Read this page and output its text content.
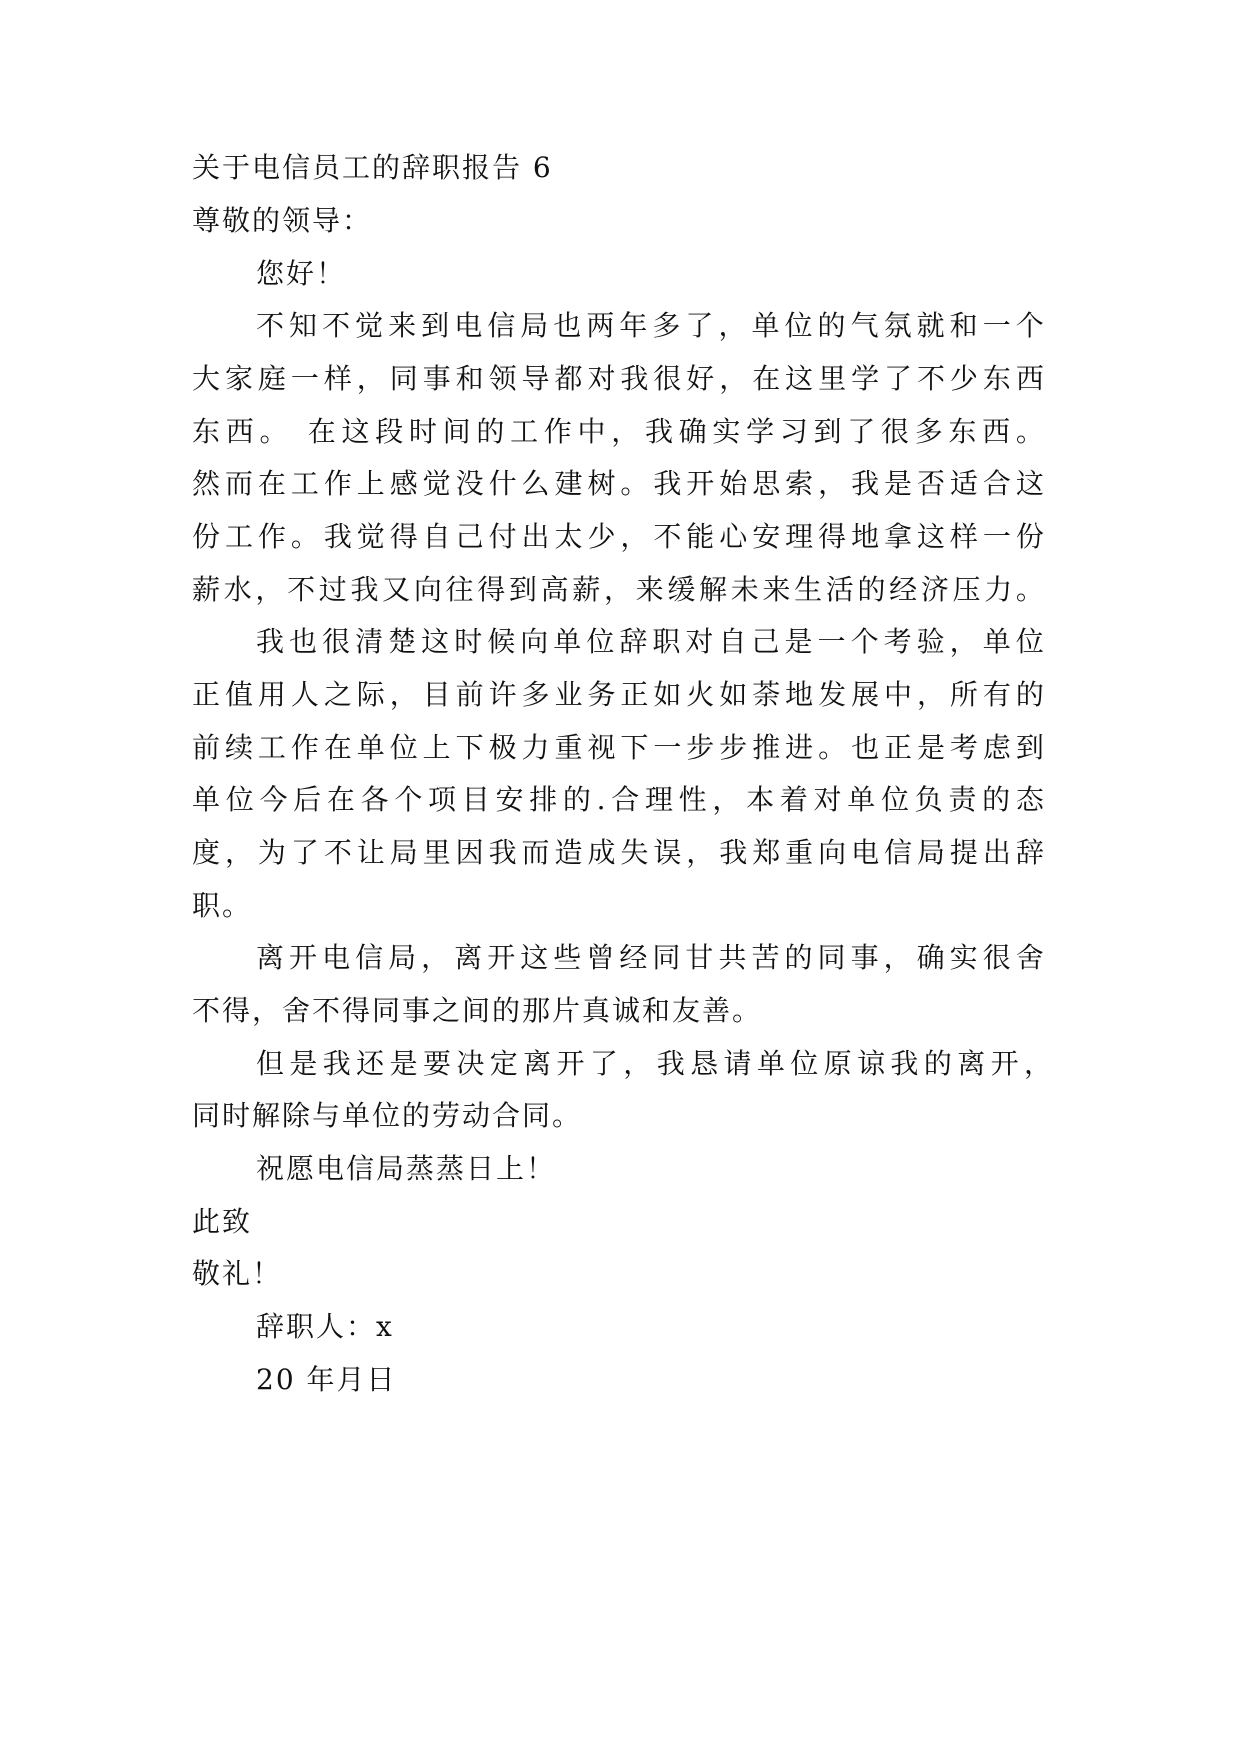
关于电信员工的辞职报告 6
尊敬的领导：
您好！
不 知 不 觉 来 到 电 信 局 也 两 年 多 了 ， 单 位 的 气 氛 就 和 一 个
大 家 庭 一 样 ， 同 事 和 领 导 都 对 我 很 好 ， 在 这 里 学 了 不 少 东 西
东 西 。
在 这 段 时 间 的 工 作 中 ， 我 确 实 学 习 到 了 很 多 东 西 。
然 而 在 工 作 上 感 觉 没 什 么 建 树 。 我 开 始 思 索 ， 我 是 否 适 合 这
份 工 作 。 我 觉 得 自 己 付 出 太 少 ， 不 能 心 安 理 得 地 拿 这 样 一 份
薪 水 ， 不 过 我 又 向 往 得 到 高 薪 ， 来 缓 解 未 来 生 活 的 经 济 压 力 。
我 也 很 清 楚 这 时 候 向 单 位 辞 职 对 自 己 是 一 个 考 验 ， 单 位
正 值 用 人 之 际 ， 目 前 许 多 业 务 正 如 火 如 荼 地 发 展 中 ， 所 有 的
前 续 工 作 在 单 位 上 下 极 力 重 视 下 一 步 步 推 进 。 也 正 是 考 虑 到
单 位 今 后 在 各 个 项 目 安 排 的 . 合 理 性 ， 本 着 对 单 位 负 责 的 态
度 ， 为 了 不 让 局 里 因 我 而 造 成 失 误 ， 我 郑 重 向 电 信 局 提 出 辞
职。
离 开 电 信 局 ， 离 开 这 些 曾 经 同 甘 共 苦 的 同 事 ， 确 实 很 舍
不得，舍不得同事之间的那片真诚和友善。
但 是 我 还 是 要 决 定 离 开 了 ， 我 恳 请 单 位 原 谅 我 的 离 开 ，
同时解除与单位的劳动合同。
祝愿电信局蒸蒸日上！
此致
敬礼！
辞职人：x
20 年月日
